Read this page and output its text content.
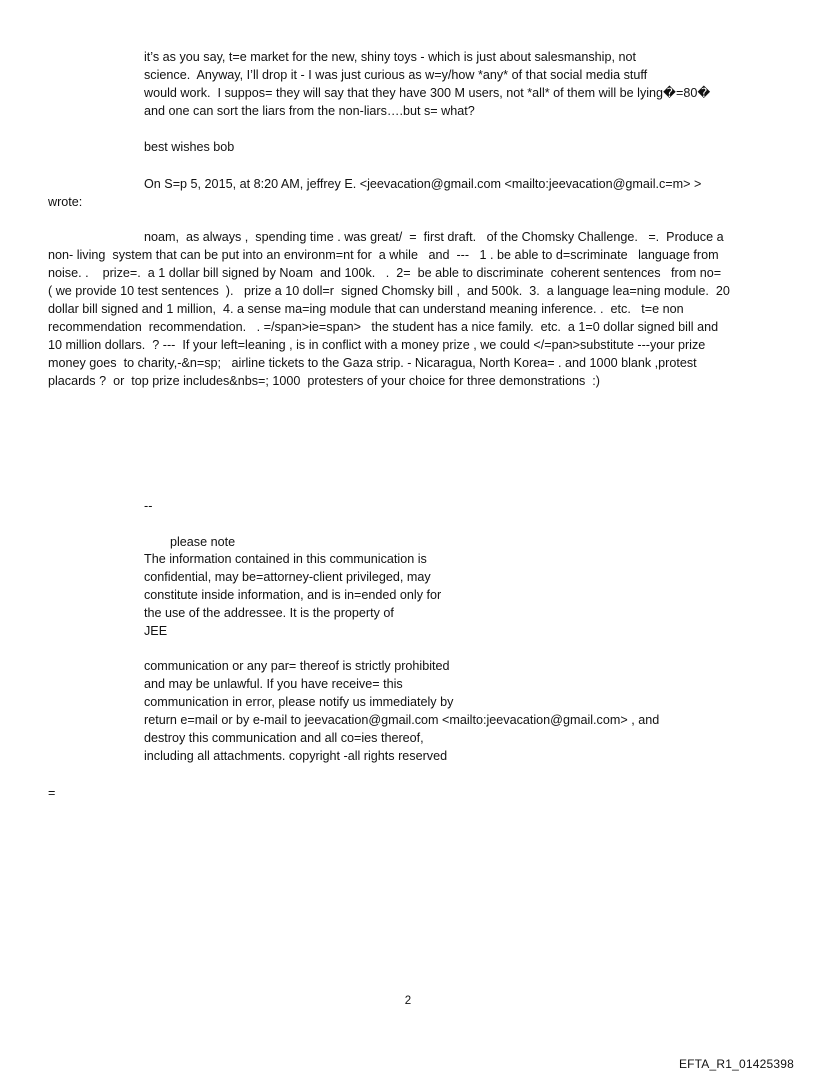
it’s as you say, t=e market for the new, shiny toys - which is just about salesmanship, not

science.  Anyway, I’ll drop it - I was just curious as w=y/how *any* of that social media stuff

would work.  I suppos= they will say that they have 300 M users, not *all* of them will be lying�=80�

and one can sort the liars from the non-liars….but s= what?

best wishes bob

On S=p 5, 2015, at 8:20 AM, jeffrey E. <jeevacation@gmail.com <mailto:jeevacation@gmail.c=m> >

wrote:

noam,  as always ,  spending time . was great/  =  first draft.   of the Chomsky Challenge.   =.  Produce a

non- living  system that can be put into an environm=nt for  a while   and  ---   1 . be able to d=scriminate   language from

noise. .    prize=.  a 1 dollar bill signed by Noam  and 100k.   .  2=  be able to discriminate  coherent sentences   from no=

( we provide 10 test sentences  ).   prize a 10 doll=r  signed Chomsky bill ,  and 500k.  3.  a language lea=ning module.  20

dollar bill signed and 1 million,  4. a sense ma=ing module that can understand meaning inference. .  etc.   t=e non

recommendation  recommendation.   . =/span>ie=span>   the student has a nice family.  etc.  a 1=0 dollar signed bill and

10 million dollars.  ? ---  If your left=leaning , is in conflict with a money prize , we could </=pan>substitute ---your prize

money goes  to charity,-&n=sp;   airline tickets to the Gaza strip. - Nicaragua, North Korea= . and 1000 blank ,protest

placards ?  or  top prize includes&nbs=; 1000  protesters of your choice for three demonstrations  :)

--

please note

The information contained in this communication is

confidential, may be=attorney-client privileged, may

constitute inside information, and is in=ended only for

the use of the addressee. It is the property of

JEE

communication or any par= thereof is strictly prohibited

and may be unlawful. If you have receive= this

communication in error, please notify us immediately by

return e=mail or by e-mail to jeevacation@gmail.com <mailto:jeevacation@gmail.com> , and

destroy this communication and all co=ies thereof,

including all attachments. copyright -all rights reserved

=

2
EFTA_R1_01425398
